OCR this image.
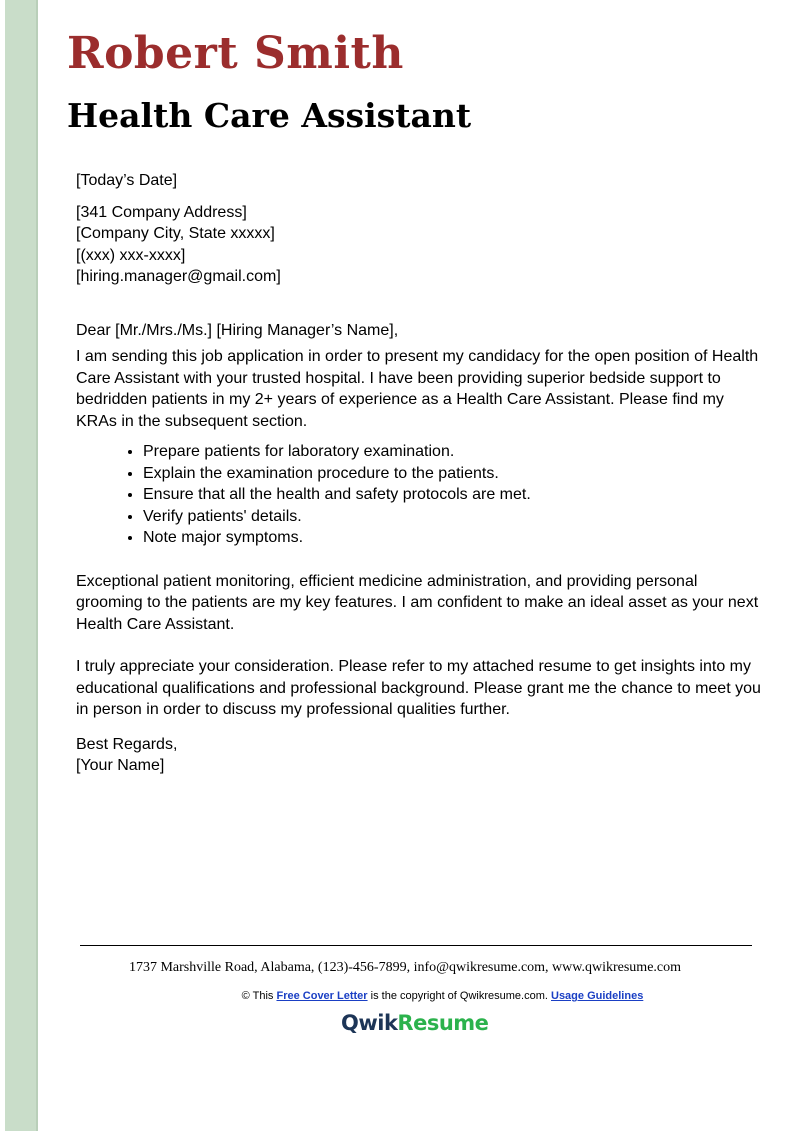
Robert Smith
Health Care Assistant

[Today’s Date]

[341 Company Address]

[Company City, State xxxxx]

[(xxx) xxx-xxxx]

[hiring.manager@gmail.com]

Dear [Mr./Mrs./Ms.] [Hiring Manager’s Name],

I am sending this job application in order to present my candidacy for the open position of Health Care Assistant with your trusted hospital. I have been providing superior bedside support to bedridden patients in my 2+ years of experience as a Health Care Assistant. Please find my KRAs in the subsequent section.

• Prepare patients for laboratory examination.
• Explain the examination procedure to the patients.
• Ensure that all the health and safety protocols are met.
• Verify patients' details.
• Note major symptoms.

Exceptional patient monitoring, efficient medicine administration, and providing personal grooming to the patients are my key features. I am confident to make an ideal asset as your next Health Care Assistant.

I truly appreciate your consideration. Please refer to my attached resume to get insights into my educational qualifications and professional background. Please grant me the chance to meet you in person in order to discuss my professional qualities further.

Best Regards,

[Your Name]

1737 Marshville Road, Alabama, (123)-456-7899, info@qwikresume.com, www.qwikresume.com
© This Free Cover Letter is the copyright of Qwikresume.com. Usage Guidelines
QwikResume
